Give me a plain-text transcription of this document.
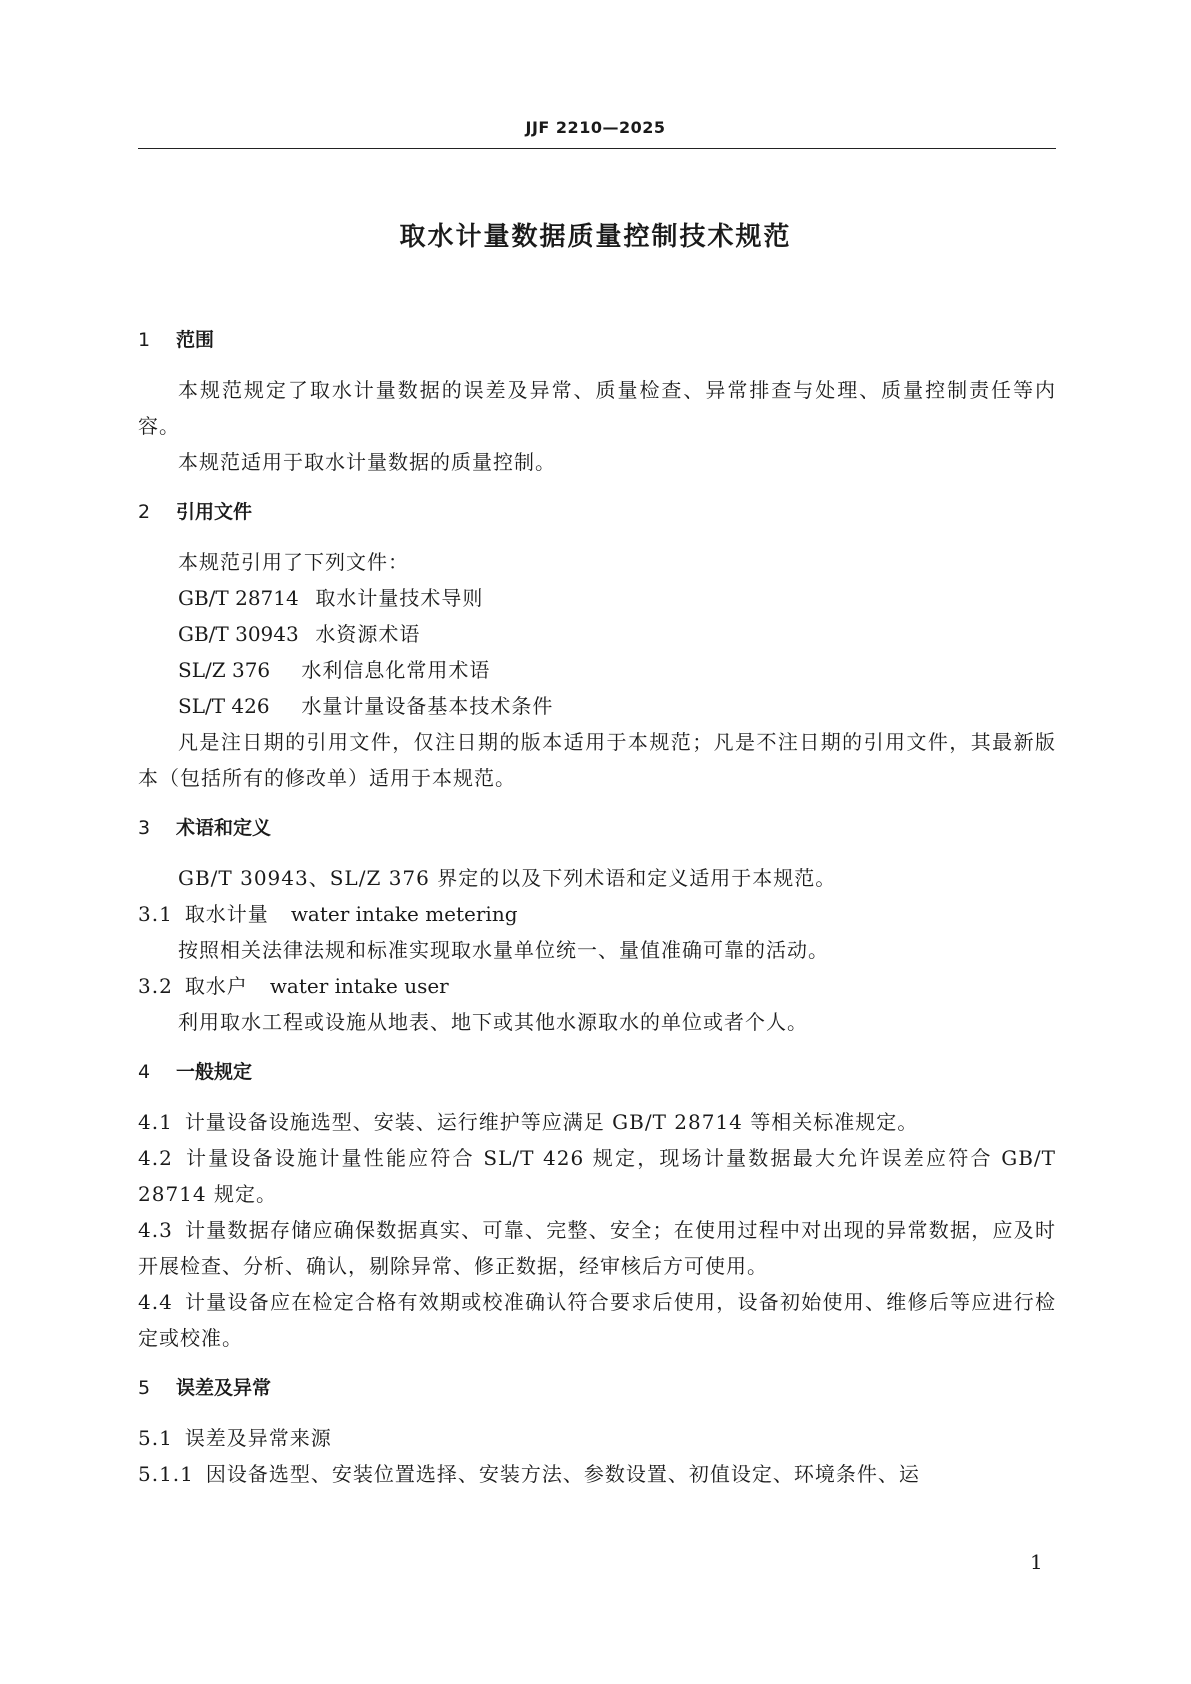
JJF 2210—2025
取水计量数据质量控制技术规范
1	范围
本规范规定了取水计量数据的误差及异常、质量检查、异常排查与处理、质量控制责任等内容。
本规范适用于取水计量数据的质量控制。
2	引用文件
本规范引用了下列文件：
GB/T 28714 取水计量技术导则
GB/T 30943 水资源术语
SL/Z 376 水利信息化常用术语
SL/T 426 水量计量设备基本技术条件
凡是注日期的引用文件，仅注日期的版本适用于本规范；凡是不注日期的引用文件，其最新版本（包括所有的修改单）适用于本规范。
3	术语和定义
GB/T 30943、SL/Z 376 界定的以及下列术语和定义适用于本规范。
3.1 取水计量 water intake metering
按照相关法律法规和标准实现取水量单位统一、量值准确可靠的活动。
3.2 取水户 water intake user
利用取水工程或设施从地表、地下或其他水源取水的单位或者个人。
4	一般规定
4.1 计量设备设施选型、安装、运行维护等应满足 GB/T 28714 等相关标准规定。
4.2 计量设备设施计量性能应符合 SL/T 426 规定，现场计量数据最大允许误差应符合 GB/T 28714 规定。
4.3 计量数据存储应确保数据真实、可靠、完整、安全；在使用过程中对出现的异常数据，应及时开展检查、分析、确认，剔除异常、修正数据，经审核后方可使用。
4.4 计量设备应在检定合格有效期或校准确认符合要求后使用，设备初始使用、维修后等应进行检定或校准。
5	误差及异常
5.1 误差及异常来源
5.1.1 因设备选型、安装位置选择、安装方法、参数设置、初值设定、环境条件、运
1
